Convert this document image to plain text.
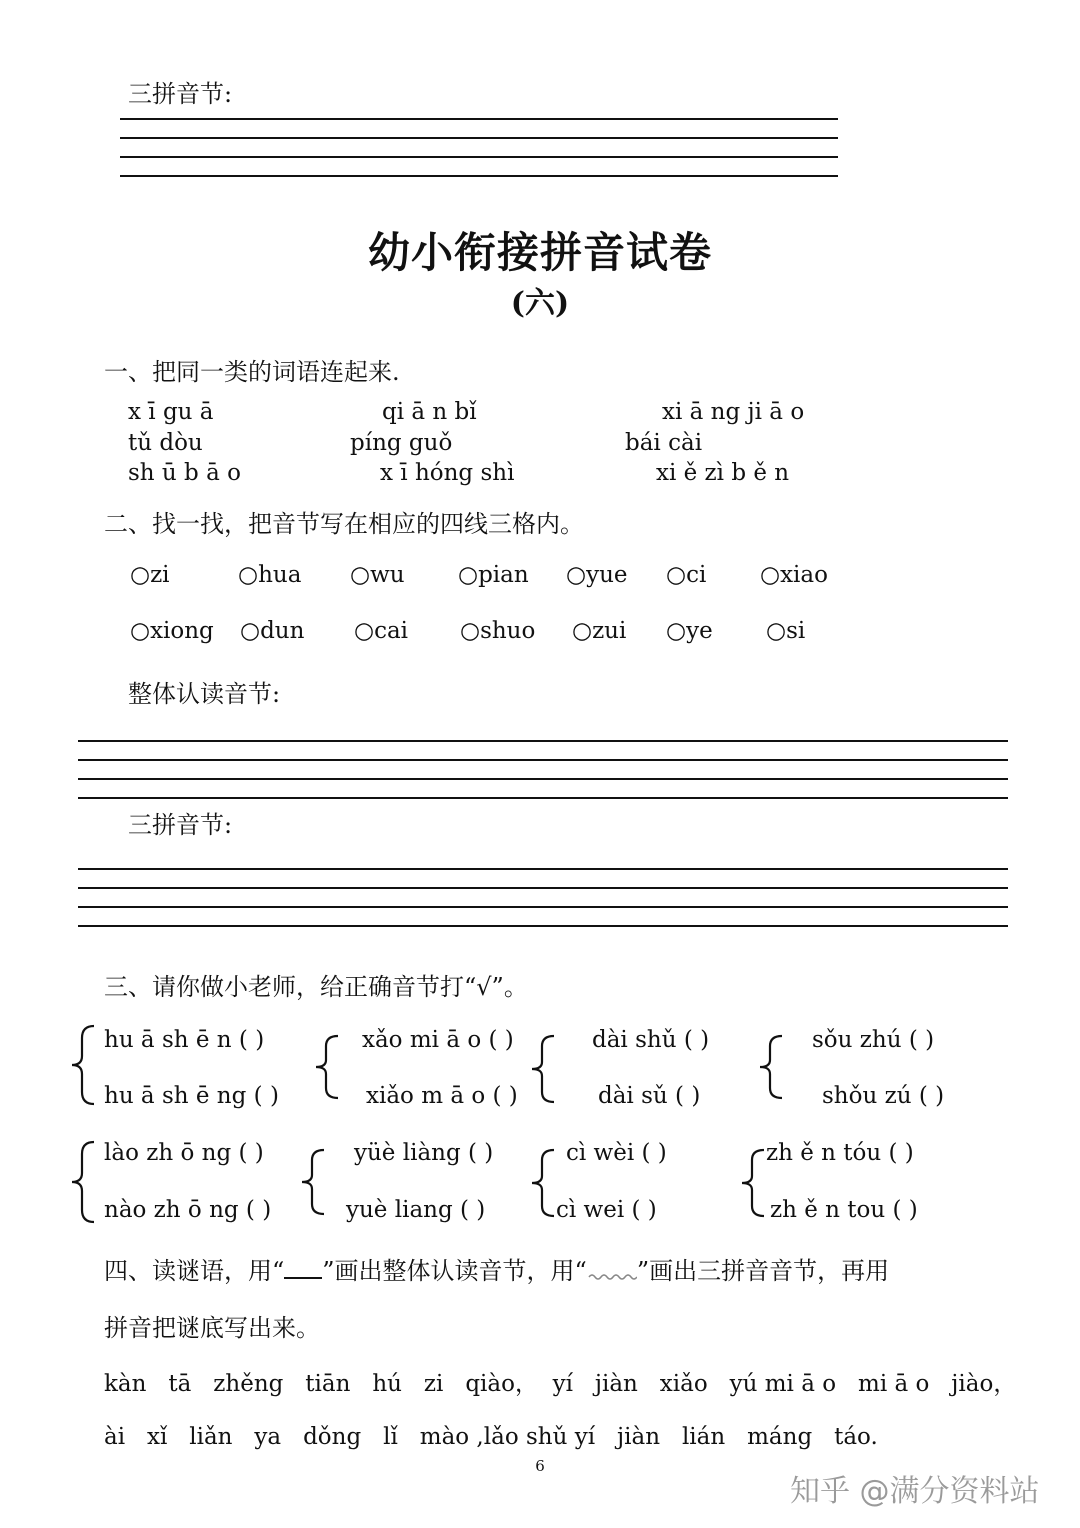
三拼音节:
幼小衔接拼音试卷
(六)
一、把同一类的词语连起来.
x ī gu ā	qi ā n bǐ	xi ā ng ji ā o
tǔ dòu	píng guǒ	bái cài
sh ū b ā o	x ī hóng shì	xi ě zì b ě n
二、找一找，把音节写在相应的四线三格内。
○zi	○hua ○wu ○pian ○yue ○ci ○xiao
○xiong ○dun ○cai ○shuo ○zui ○ye ○si
整体认读音节:
三拼音节:
三、请你做小老师，给正确音节打“√”。
hu ā sh ē n ( )
hu ā sh ē ng ( )
xǎo mi ā o ( )
xiǎo m ā o ( )
dài shǔ ( )
dài sǔ ( )
sǒu zhú ( )
shǒu zú ( )
lào zh ō ng ( )
nào zh ō ng ( )
yüè liàng ( )
yuè liang ( )
cì wèi ( )
cì wei ( )
zh ě n tóu ( )
zh ě n tou ( )
四、读谜语，用“ ”画出整体认读音节，用“ ”画出三拼音音节，再用
拼音把谜底写出来。
kàn   tā   zhěng   tiān   hú   zi   qiào，  yí   jiàn   xiǎo   yú mi ā o   mi ā o   jiào，
ài   xǐ   liǎn   ya   dǒng   lǐ   mào ,lǎo shǔ yí   jiàn   lián   máng   táo.
6
知乎 @满分资料站
